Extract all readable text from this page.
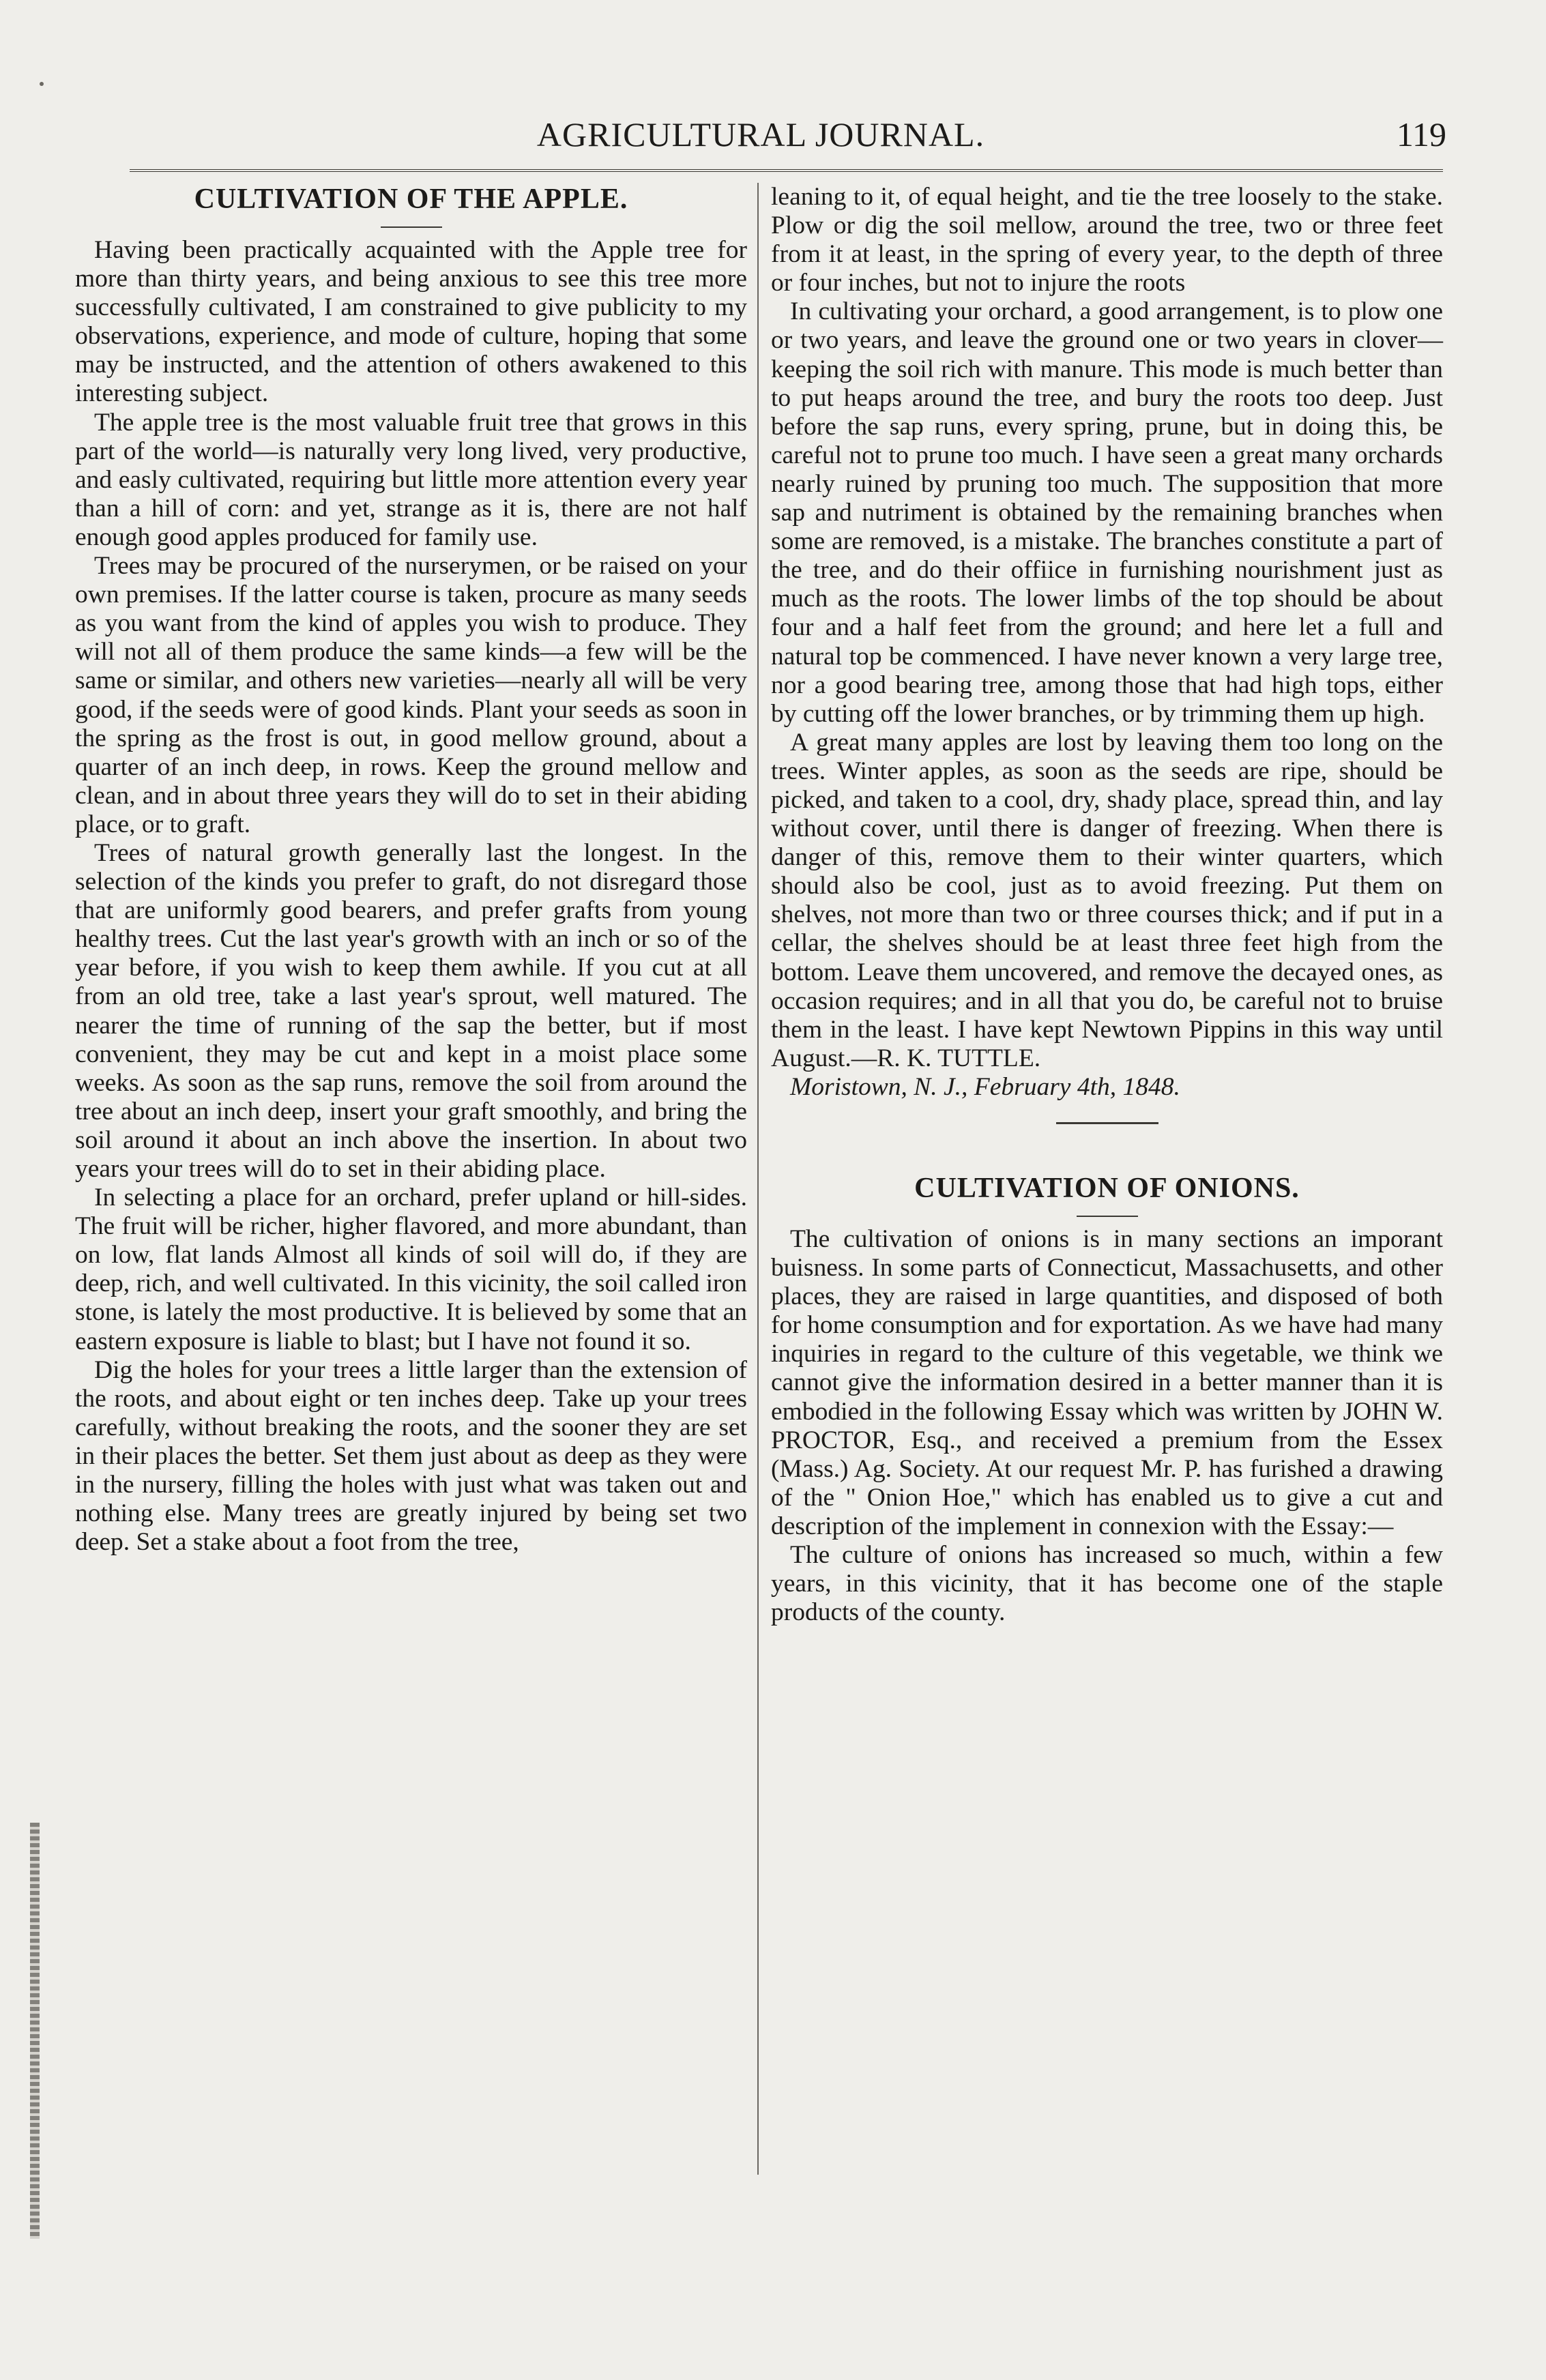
AGRICULTURAL JOURNAL.	119
CULTIVATION OF THE APPLE.

Having been practically acquainted with the Apple tree for more than thirty years, and being anxious to see this tree more successfully cultivated, I am constrained to give publicity to my observations, experience, and mode of culture, hoping that some may be instructed, and the attention of others awakened to this interesting subject.

The apple tree is the most valuable fruit tree that grows in this part of the world—is naturally very long lived, very productive, and easly cultivated, requiring but little more attention every year than a hill of corn: and yet, strange as it is, there are not half enough good apples produced for family use.

Trees may be procured of the nurserymen, or be raised on your own premises. If the latter course is taken, procure as many seeds as you want from the kind of apples you wish to produce. They will not all of them produce the same kinds—a few will be the same or similar, and others new varieties—nearly all will be very good, if the seeds were of good kinds. Plant your seeds as soon in the spring as the frost is out, in good mellow ground, about a quarter of an inch deep, in rows. Keep the ground mellow and clean, and in about three years they will do to set in their abiding place, or to graft.

Trees of natural growth generally last the longest. In the selection of the kinds you prefer to graft, do not disregard those that are uniformly good bearers, and prefer grafts from young healthy trees. Cut the last year's growth with an inch or so of the year before, if you wish to keep them awhile. If you cut at all from an old tree, take a last year's sprout, well matured. The nearer the time of running of the sap the better, but if most convenient, they may be cut and kept in a moist place some weeks. As soon as the sap runs, remove the soil from around the tree about an inch deep, insert your graft smoothly, and bring the soil around it about an inch above the insertion. In about two years your trees will do to set in their abiding place.

In selecting a place for an orchard, prefer upland or hill-sides. The fruit will be richer, higher flavored, and more abundant, than on low, flat lands Almost all kinds of soil will do, if they are deep, rich, and well cultivated. In this vicinity, the soil called iron stone, is lately the most productive. It is believed by some that an eastern exposure is liable to blast; but I have not found it so.

Dig the holes for your trees a little larger than the extension of the roots, and about eight or ten inches deep. Take up your trees carefully, without breaking the roots, and the sooner they are set in their places the better. Set them just about as deep as they were in the nursery, filling the holes with just what was taken out and nothing else. Many trees are greatly injured by being set two deep. Set a stake about a foot from the tree,

leaning to it, of equal height, and tie the tree loosely to the stake. Plow or dig the soil mellow, around the tree, two or three feet from it at least, in the spring of every year, to the depth of three or four inches, but not to injure the roots

In cultivating your orchard, a good arrangement, is to plow one or two years, and leave the ground one or two years in clover—keeping the soil rich with manure. This mode is much better than to put heaps around the tree, and bury the roots too deep. Just before the sap runs, every spring, prune, but in doing this, be careful not to prune too much. I have seen a great many orchards nearly ruined by pruning too much. The supposition that more sap and nutriment is obtained by the remaining branches when some are removed, is a mistake. The branches constitute a part of the tree, and do their offiice in furnishing nourishment just as much as the roots. The lower limbs of the top should be about four and a half feet from the ground; and here let a full and natural top be commenced. I have never known a very large tree, nor a good bearing tree, among those that had high tops, either by cutting off the lower branches, or by trimming them up high.

A great many apples are lost by leaving them too long on the trees. Winter apples, as soon as the seeds are ripe, should be picked, and taken to a cool, dry, shady place, spread thin, and lay without cover, until there is danger of freezing. When there is danger of this, remove them to their winter quarters, which should also be cool, just as to avoid freezing. Put them on shelves, not more than two or three courses thick; and if put in a cellar, the shelves should be at least three feet high from the bottom. Leave them uncovered, and remove the decayed ones, as occasion requires; and in all that you do, be careful not to bruise them in the least. I have kept Newtown Pippins in this way until August.—R. K. TUTTLE.

Moristown, N. J., February 4th, 1848.

CULTIVATION OF ONIONS.

The cultivation of onions is in many sections an imporant buisness. In some parts of Connecticut, Massachusetts, and other places, they are raised in large quantities, and disposed of both for home consumption and for exportation. As we have had many inquiries in regard to the culture of this vegetable, we think we cannot give the information desired in a better manner than it is embodied in the following Essay which was written by JOHN W. PROCTOR, Esq., and received a premium from the Essex (Mass.) Ag. Society. At our request Mr. P. has furished a drawing of the " Onion Hoe," which has enabled us to give a cut and description of the implement in connexion with the Essay:—

The culture of onions has increased so much, within a few years, in this vicinity, that it has become one of the staple products of the county.
